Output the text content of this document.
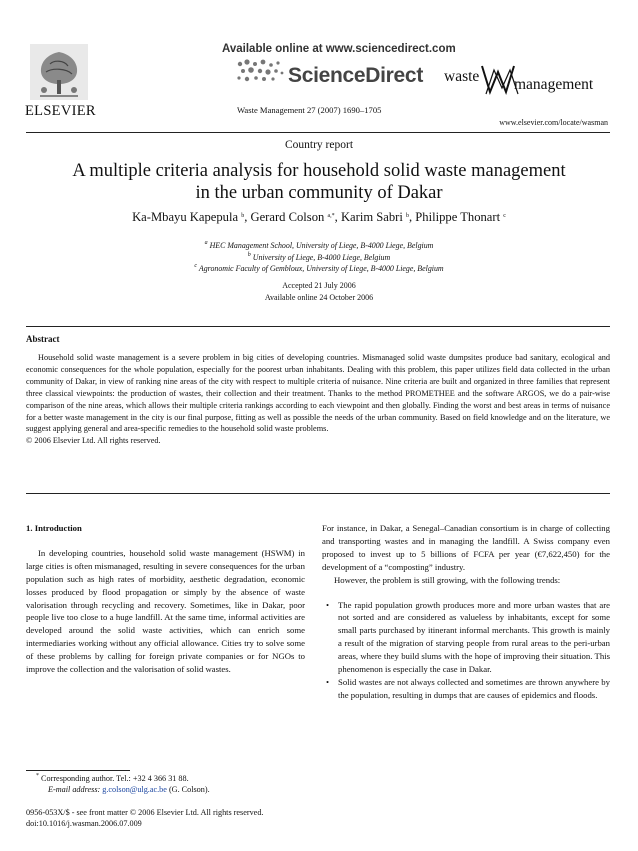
ELSEVIER
Available online at www.sciencedirect.com
ScienceDirect waste management
Waste Management 27 (2007) 1690–1705
www.elsevier.com/locate/wasman
Country report
A multiple criteria analysis for household solid waste management
in the urban community of Dakar
Ka-Mbayu Kapepula $^b$, Gerard Colson $^{a,*}$, Karim Sabri $^b$, Philippe Thonart $^c$
$^a$ HEC Management School, University of Liege, B-4000 Liege, Belgium
$^b$ University of Liege, B-4000 Liege, Belgium
$^c$ Agronomic Faculty of Gembloux, University of Liege, B-4000 Liege, Belgium
Accepted 21 July 2006
Available online 24 October 2006
Abstract
Household solid waste management is a severe problem in big cities of developing countries. Mismanaged solid waste dumpsites produce bad sanitary, ecological and economic consequences for the whole population, especially for the poorest urban inhabitants. Dealing with this problem, this paper utilizes field data collected in the urban community of Dakar, in view of ranking nine areas of the city with respect to multiple criteria of nuisance. Nine criteria are built and organized in three families that represent three classical viewpoints: the production of wastes, their collection and their treatment. Thanks to the method PROMETHEE and the software ARGOS, we do a pair-wise comparison of the nine areas, which allows their multiple criteria rankings according to each viewpoint and then globally. Finding the worst and best areas in terms of nuisance for a better waste management in the city is our final purpose, fitting as well as possible the needs of the urban community. Based on field knowledge and on the literature, we suggest applying general and area-specific remedies to the household solid waste problems.
© 2006 Elsevier Ltd. All rights reserved.
1. Introduction

In developing countries, household solid waste management (HSWM) in large cities is often mismanaged, resulting in severe consequences for the urban population such as high rates of morbidity, aesthetic degradation, economic losses produced by flood propagation or simply by the absence of waste valorisation through recycling and recovery. Sometimes, like in Dakar, poor people live too close to a huge landfill. At the same time, informal activities are developed around the solid waste activities, which can enrich some intermediaries working without any official allowance. Cities try to solve some of these problems by calling for foreign private companies or for NGOs to improve the collection and the valorisation of solid wastes.

* Corresponding author. Tel.: +32 4 366 31 88.
E-mail address: g.colson@ulg.ac.be (G. Colson).
0956-053X/$ - see front matter © 2006 Elsevier Ltd. All rights reserved.
doi:10.1016/j.wasman.2006.07.009

For instance, in Dakar, a Senegal–Canadian consortium is in charge of collecting and transporting wastes and in managing the landfill. A Swiss company even proposed to invest up to 5 billions of FCFA per year (€7,622,450) for the development of a “composting” industry.

However, the problem is still growing, with the following trends:

• The rapid population growth produces more and more urban wastes that are not sorted and are considered as valueless by inhabitants, except for some small parts purchased by itinerant informal merchants. This growth is mainly a result of the migration of starving people from rural areas to the peri-urban areas, where they build slums with the hope of improving their situation. This phenomenon is especially the case in Dakar.
• Solid wastes are not always collected and sometimes are thrown anywhere by the population, resulting in dumps that are causes of epidemics and floods.
